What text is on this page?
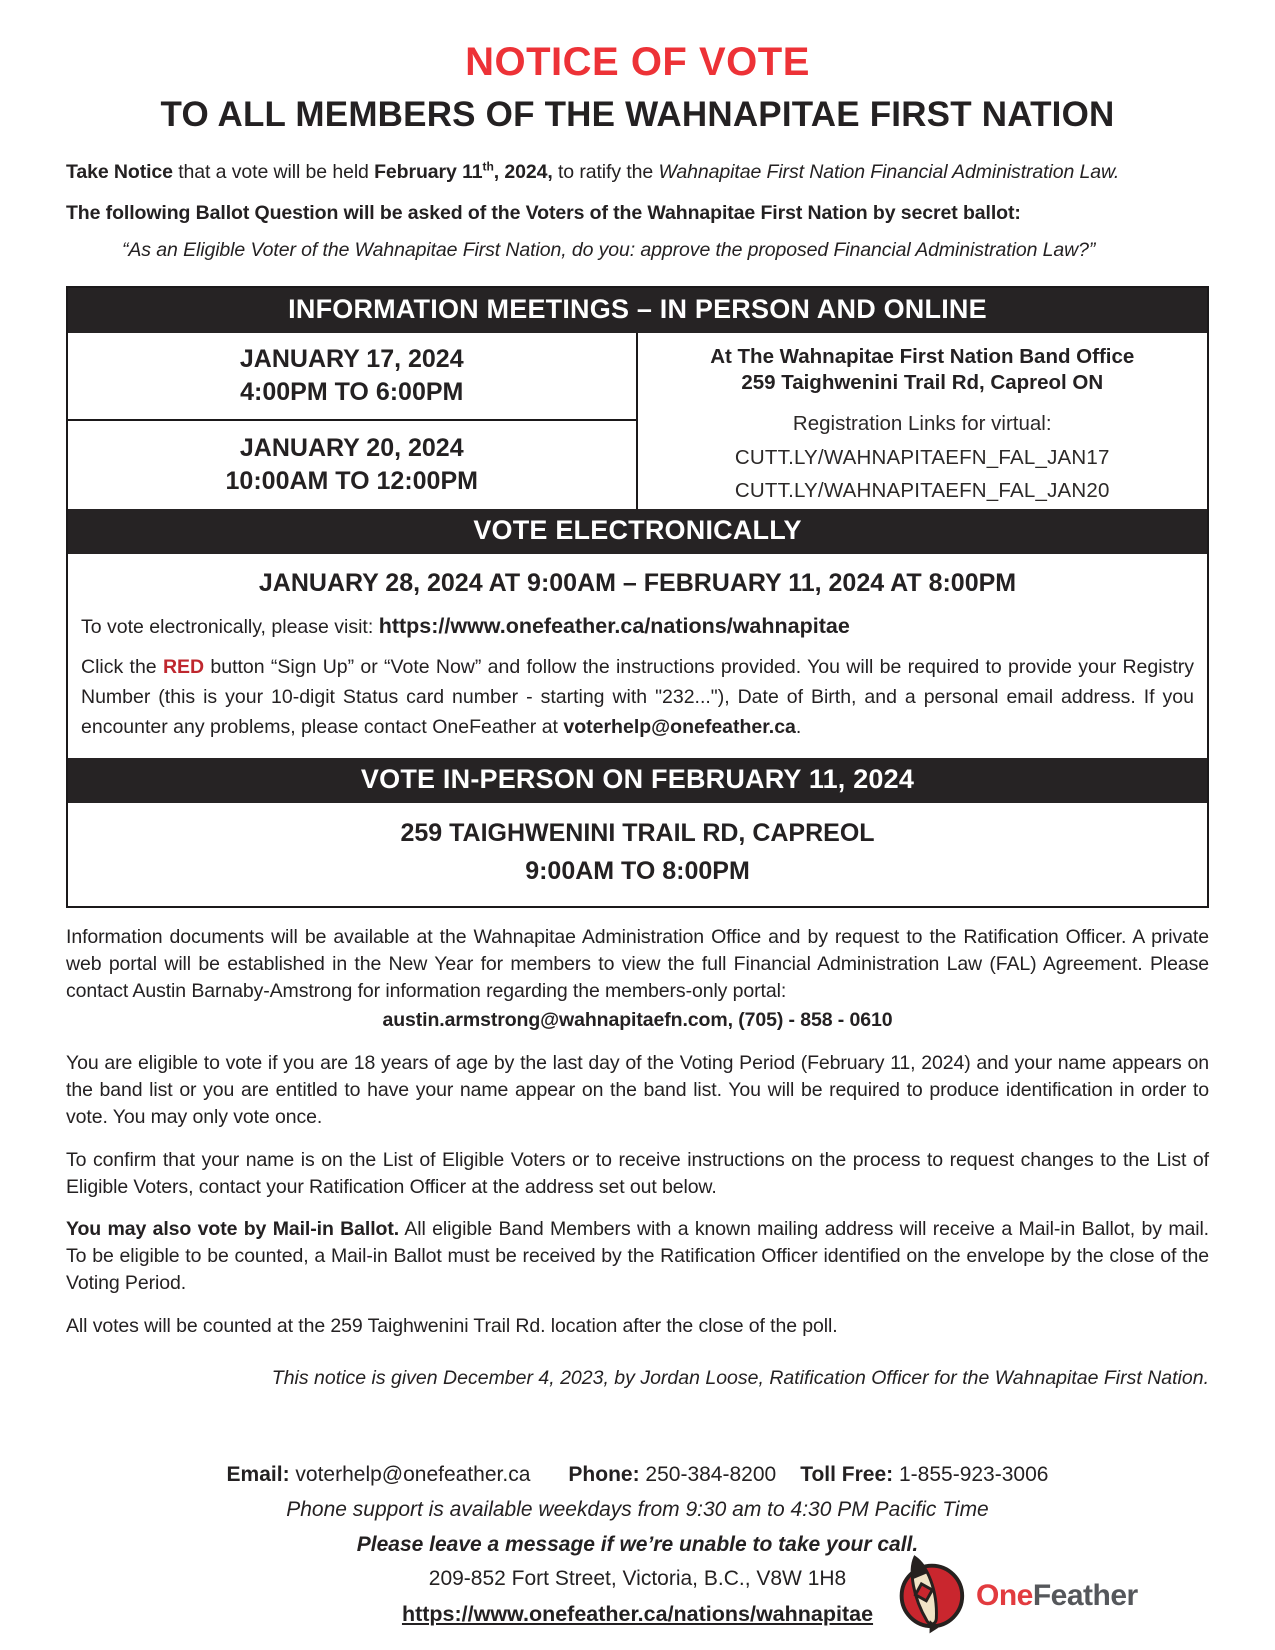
NOTICE OF VOTE
TO ALL MEMBERS OF THE WAHNAPITAE FIRST NATION

Take Notice that a vote will be held February 11th, 2024, to ratify the Wahnapitae First Nation Financial Administration Law.

The following Ballot Question will be asked of the Voters of the Wahnapitae First Nation by secret ballot:

“As an Eligible Voter of the Wahnapitae First Nation, do you: approve the proposed Financial Administration Law?”

INFORMATION MEETINGS – IN PERSON AND ONLINE
JANUARY 17, 2024
4:00PM TO 6:00PM
JANUARY 20, 2024
10:00AM TO 12:00PM
At The Wahnapitae First Nation Band Office
259 Taighwenini Trail Rd, Capreol ON
Registration Links for virtual:
CUTT.LY/WAHNAPITAEFN_FAL_JAN17
CUTT.LY/WAHNAPITAEFN_FAL_JAN20
VOTE ELECTRONICALLY
JANUARY 28, 2024 AT 9:00AM – FEBRUARY 11, 2024 AT 8:00PM

To vote electronically, please visit: https://www.onefeather.ca/nations/wahnapitae

Click the RED button “Sign Up” or “Vote Now” and follow the instructions provided. You will be required to provide your Registry Number (this is your 10-digit Status card number - starting with "232..."), Date of Birth, and a personal email address. If you encounter any problems, please contact OneFeather at voterhelp@onefeather.ca.

VOTE IN-PERSON ON FEBRUARY 11, 2024
259 TAIGHWENINI TRAIL RD, CAPREOL
9:00AM TO 8:00PM

Information documents will be available at the Wahnapitae Administration Office and by request to the Ratification Officer. A private web portal will be established in the New Year for members to view the full Financial Administration Law (FAL) Agreement. Please contact Austin Barnaby-Amstrong for information regarding the members-only portal:

austin.armstrong@wahnapitaefn.com, (705) - 858 - 0610

You are eligible to vote if you are 18 years of age by the last day of the Voting Period (February 11, 2024) and your name appears on the band list or you are entitled to have your name appear on the band list. You will be required to produce identification in order to vote. You may only vote once.

To confirm that your name is on the List of Eligible Voters or to receive instructions on the process to request changes to the List of Eligible Voters, contact your Ratification Officer at the address set out below.

You may also vote by Mail-in Ballot. All eligible Band Members with a known mailing address will receive a Mail-in Ballot, by mail. To be eligible to be counted, a Mail-in Ballot must be received by the Ratification Officer identified on the envelope by the close of the Voting Period.

All votes will be counted at the 259 Taighwenini Trail Rd. location after the close of the poll.

This notice is given December 4, 2023, by Jordan Loose, Ratification Officer for the Wahnapitae First Nation.

Email: voterhelp@onefeather.ca Phone: 250-384-8200 Toll Free: 1-855-923-3006
Phone support is available weekdays from 9:30 am to 4:30 PM Pacific Time
Please leave a message if we’re unable to take your call.
209-852 Fort Street, Victoria, B.C., V8W 1H8
https://www.onefeather.ca/nations/wahnapitae
OneFeather
